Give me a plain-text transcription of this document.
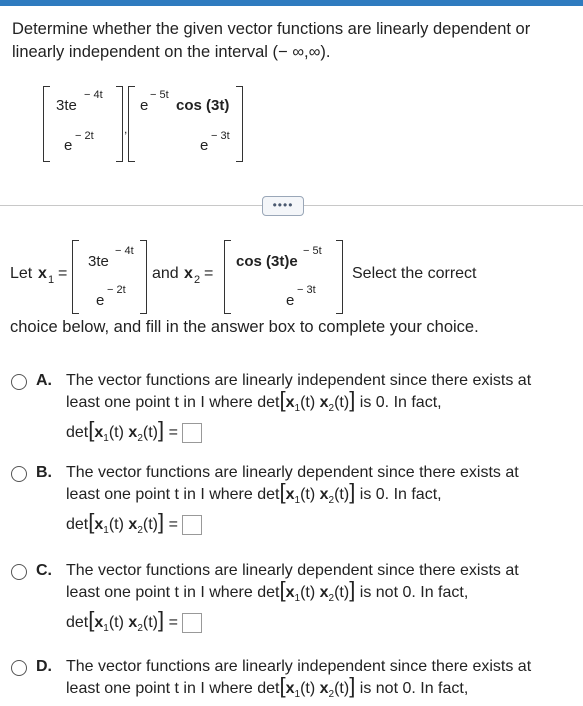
Determine whether the given vector functions are linearly dependent or
linearly independent on the interval (− ∞,∞).
3te
− 4t
e
− 2t	,
e
− 5t
cos (3t)
e
− 3t
••••
Let x 1 =
3te
− 4t
e
− 2t
and x 2 =
cos (3t)e
− 5t
e
− 3t
Select the correct
choice below, and fill in the answer box to complete your choice.
A. The vector functions are linearly independent since there exists at
least one point t in I where $\det[x_1(t)$ $x_2(t)$] is 0. In fact,
$\det[x_1(t) x_2(t)]$ =
B. The vector functions are linearly dependent since there exists at
least one point t in I where $\det[x_1(t)$ $x_2(t)$] is 0. In fact,
$\det[x_1(t) x_2(t)]$ =
C. The vector functions are linearly dependent since there exists at
least one point t in I where $\det[x_1(t)$ $x_2(t)$] is not 0. In fact,
$\det[x_1(t) x_2(t)]$ =
D. The vector functions are linearly independent since there exists at
least one point t in I where $\det[x_1(t)$ $x_2(t)$] is not 0. In fact,
